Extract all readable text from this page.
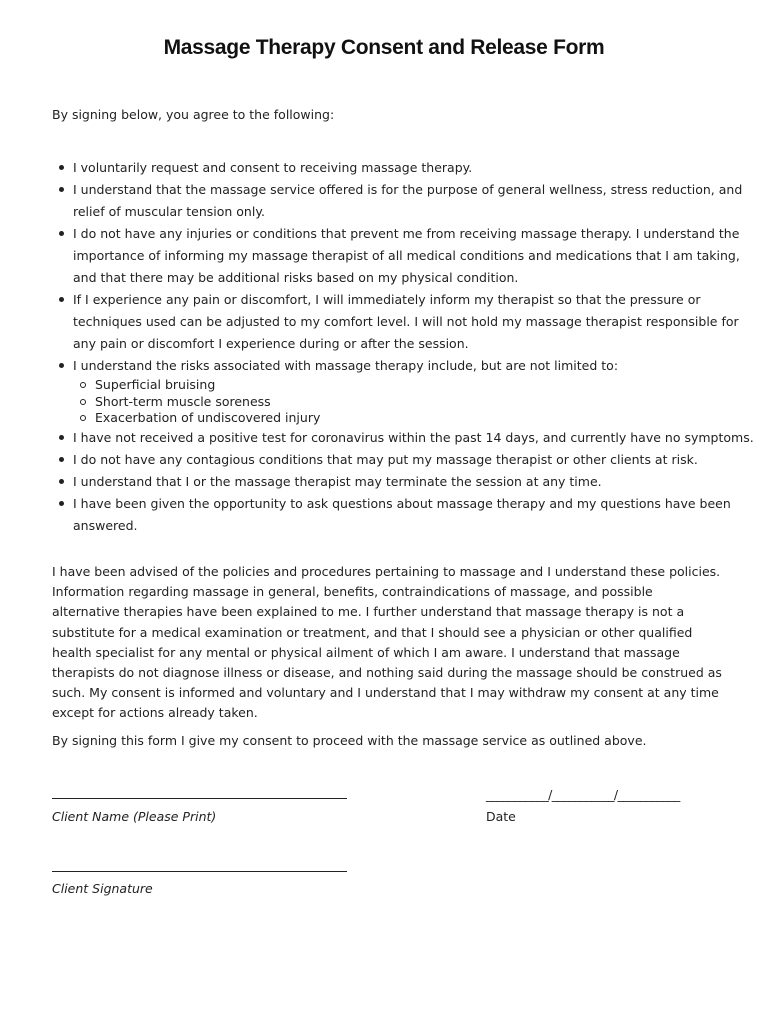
Massage Therapy Consent and Release Form
By signing below, you agree to the following:
I voluntarily request and consent to receiving massage therapy.
I understand that the massage service offered is for the purpose of general wellness, stress reduction, and relief of muscular tension only.
I do not have any injuries or conditions that prevent me from receiving massage therapy. I understand the importance of informing my massage therapist of all medical conditions and medications that I am taking, and that there may be additional risks based on my physical condition.
If I experience any pain or discomfort, I will immediately inform my therapist so that the pressure or techniques used can be adjusted to my comfort level. I will not hold my massage therapist responsible for any pain or discomfort I experience during or after the session.
I understand the risks associated with massage therapy include, but are not limited to:
Superficial bruising
Short-term muscle soreness
Exacerbation of undiscovered injury
I have not received a positive test for coronavirus within the past 14 days, and currently have no symptoms.
I do not have any contagious conditions that may put my massage therapist or other clients at risk.
I understand that I or the massage therapist may terminate the session at any time.
I have been given the opportunity to ask questions about massage therapy and my questions have been answered.

I have been advised of the policies and procedures pertaining to massage and I understand these policies. Information regarding massage in general, benefits, contraindications of massage, and possible alternative therapies have been explained to me. I further understand that massage therapy is not a substitute for a medical examination or treatment, and that I should see a physician or other qualified health specialist for any mental or physical ailment of which I am aware. I understand that massage therapists do not diagnose illness or disease, and nothing said during the massage should be construed as such. My consent is informed and voluntary and I understand that I may withdraw my consent at any time except for actions already taken.

By signing this form I give my consent to proceed with the massage service as outlined above.

___________/___________/___________
Client Name (Please Print)	Date
Client Signature
